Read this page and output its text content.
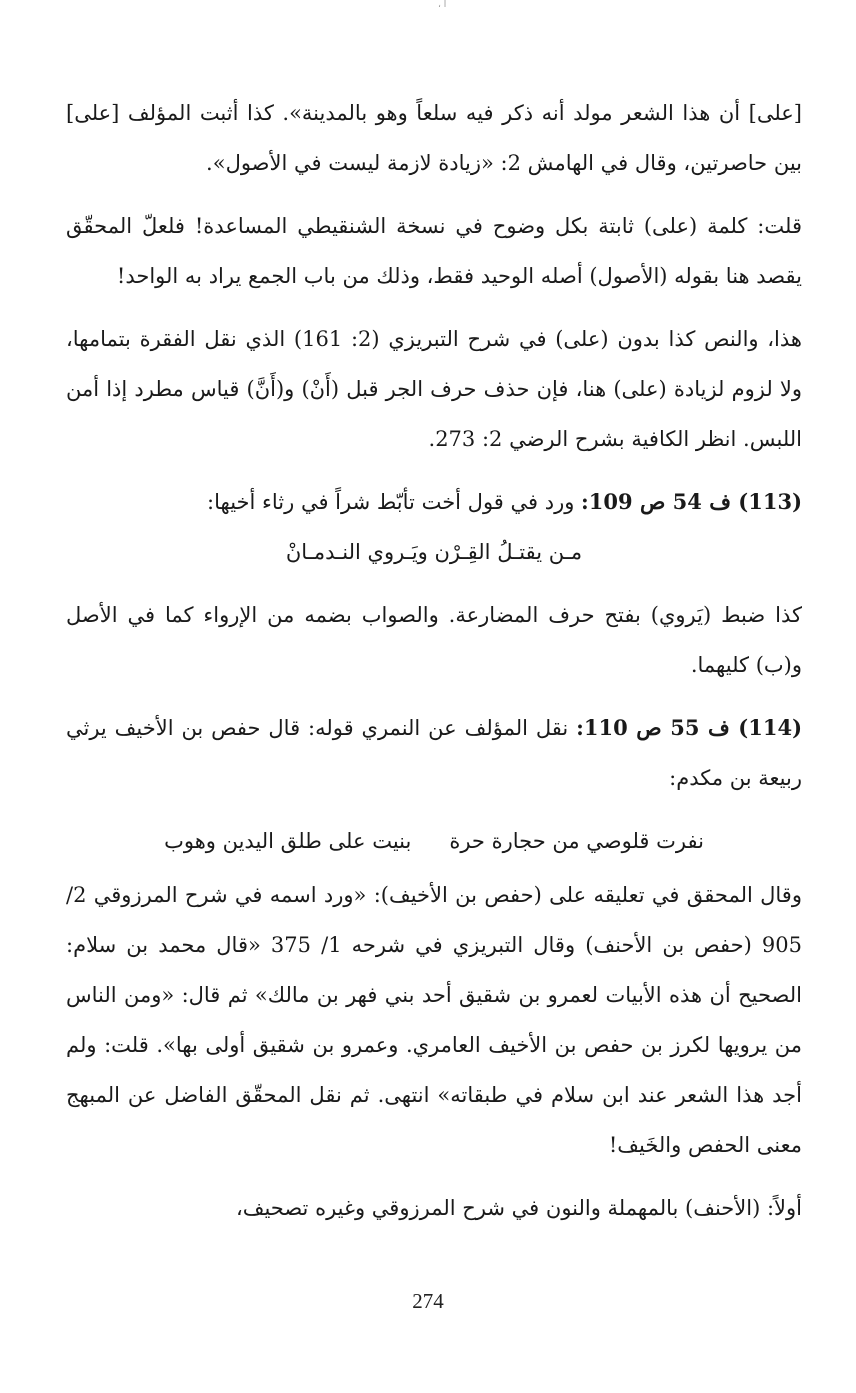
، ا

[على] أن هذا الشعر مولد أنه ذكر فيه سلعاً وهو بالمدينة». كذا أثبت المؤلف [على] بين حاصرتين، وقال في الهامش 2: «زيادة لازمة ليست في الأصول».

قلت: كلمة (على) ثابتة بكل وضوح في نسخة الشنقيطي المساعدة! فلعلّ المحقّق يقصد هنا بقوله (الأصول) أصله الوحيد فقط، وذلك من باب الجمع يراد به الواحد!

هذا، والنص كذا بدون (على) في شرح التبريزي (2: 161) الذي نقل الفقرة بتمامها، ولا لزوم لزيادة (على) هنا، فإن حذف حرف الجر قبل (أَنْ) و(أَنَّ) قياس مطرد إذا أمن اللبس. انظر الكافية بشرح الرضي 2: 273.

(113) ف 54 ص 109: ورد في قول أخت تأبّط شراً في رثاء أخيها:

مـن يقتـلُ القِـرْن ويَـروي النـدمـانْ

كذا ضبط (يَروي) بفتح حرف المضارعة. والصواب بضمه من الإرواء كما في الأصل و(ب) كليهما.

(114) ف 55 ص 110: نقل المؤلف عن النمري قوله: قال حفص بن الأخيف يرثي ربيعة بن مكدم:

نفرت قلوصي من حجارة حرة
بنيت على طلق اليدين وهوب

وقال المحقق في تعليقه على (حفص بن الأخيف): «ورد اسمه في شرح المرزوقي 2/ 905 (حفص بن الأحنف) وقال التبريزي في شرحه 1/ 375 «قال محمد بن سلام: الصحيح أن هذه الأبيات لعمرو بن شقيق أحد بني فهر بن مالك» ثم قال: «ومن الناس من يرويها لكرز بن حفص بن الأخيف العامري. وعمرو بن شقيق أولى بها». قلت: ولم أجد هذا الشعر عند ابن سلام في طبقاته» انتهى. ثم نقل المحقّق الفاضل عن المبهج معنى الحفص والخَيف!

أولاً: (الأحنف) بالمهملة والنون في شرح المرزوقي وغيره تصحيف،

274
